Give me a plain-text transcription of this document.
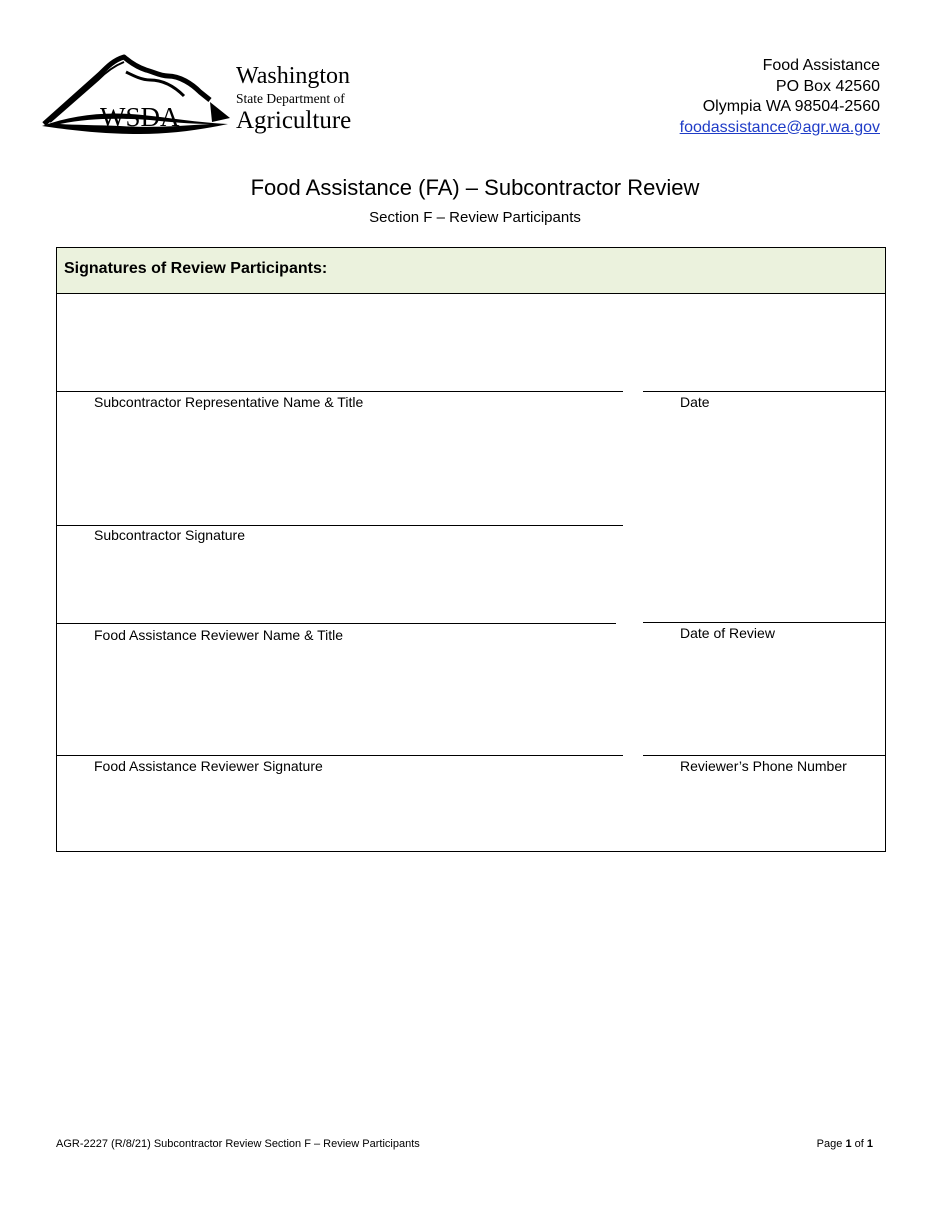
WSDA
Washington
State Department of
Agriculture
Food Assistance
PO Box 42560
Olympia WA 98504-2560
foodassistance@agr.wa.gov
Food Assistance (FA) – Subcontractor Review
Section F – Review Participants
Signatures of Review Participants:
Subcontractor Representative Name & Title	Date
Subcontractor Signature
Food Assistance Reviewer Name & Title	Date of Review
Food Assistance Reviewer Signature	Reviewer’s Phone Number
AGR-2227 (R/8/21) Subcontractor Review Section F – Review Participants	Page 1 of 1
